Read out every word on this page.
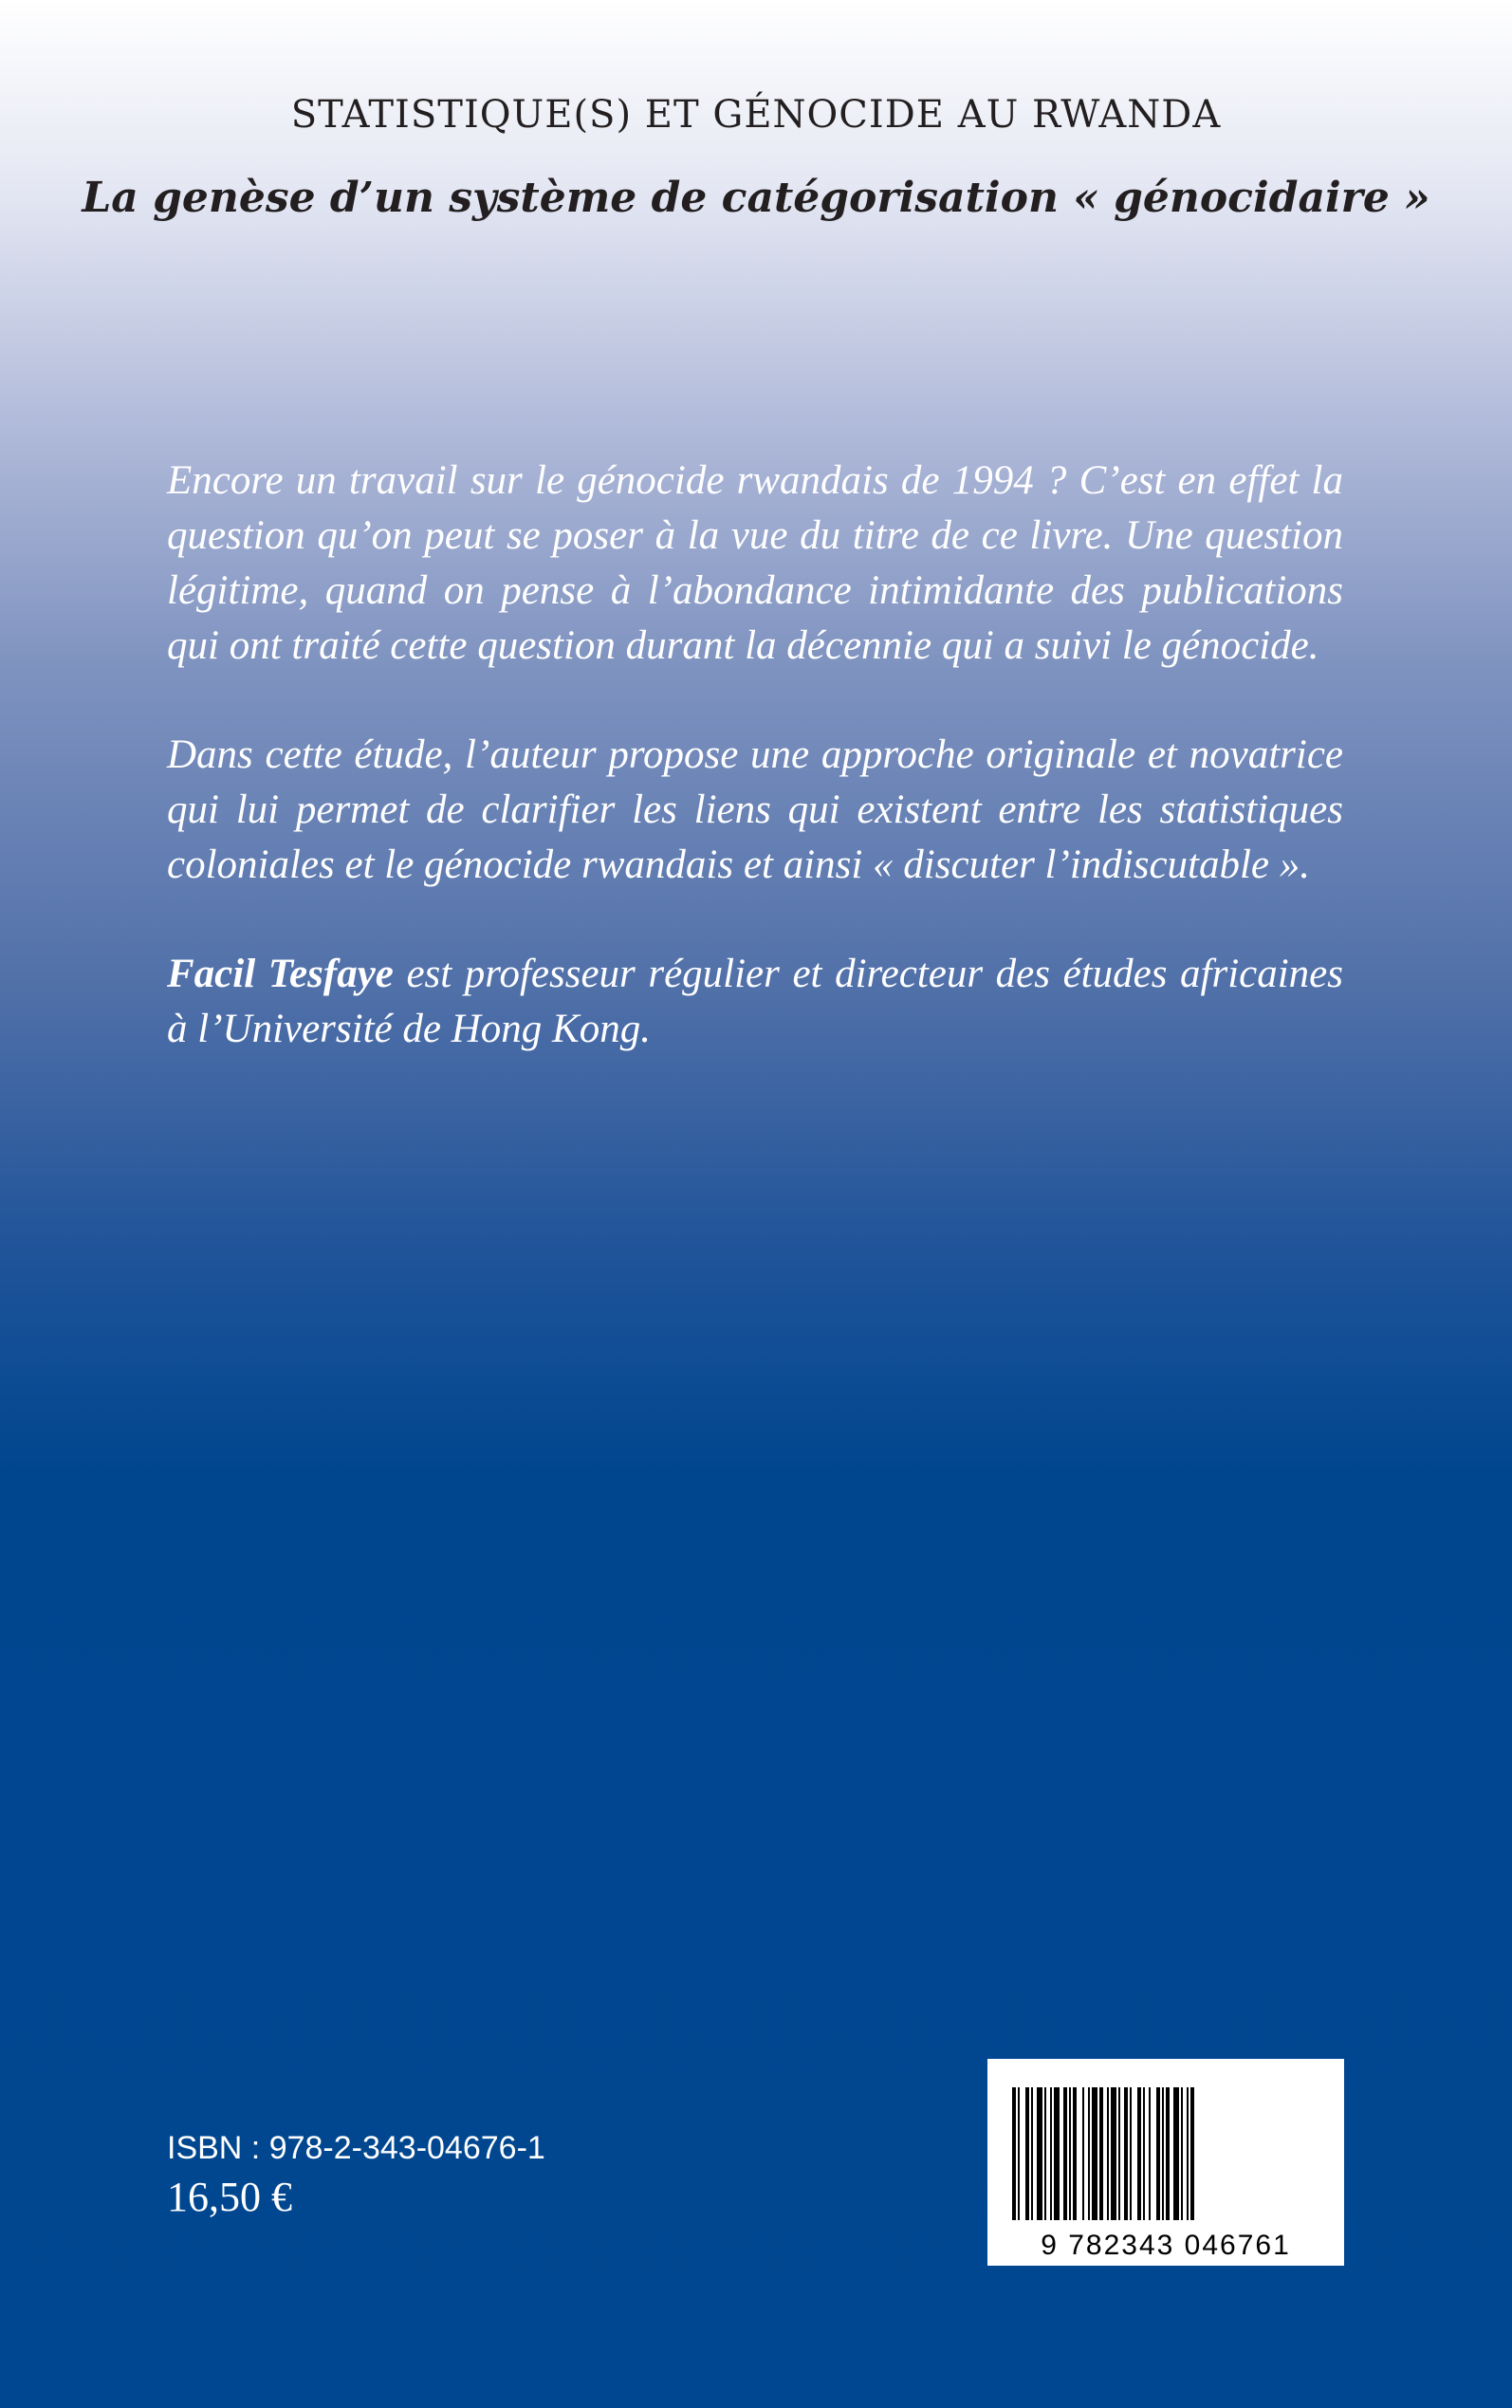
STATISTIQUE(S) ET GÉNOCIDE AU RWANDA
La genèse d’un système de catégorisation « génocidaire »

Encore un travail sur le génocide rwandais de 1994 ? C’est en effet la question qu’on peut se poser à la vue du titre de ce livre. Une question légitime, quand on pense à l’abondance intimidante des publications qui ont traité cette question durant la décennie qui a suivi le génocide.

Dans cette étude, l’auteur propose une approche originale et novatrice qui lui permet de clarifier les liens qui existent entre les statistiques coloniales et le génocide rwandais et ainsi « discuter l’indiscutable ».

Facil Tesfaye est professeur régulier et directeur des études africaines à l’Université de Hong Kong.

ISBN : 978-2-343-04676-1
16,50 €
9 782343 046761
